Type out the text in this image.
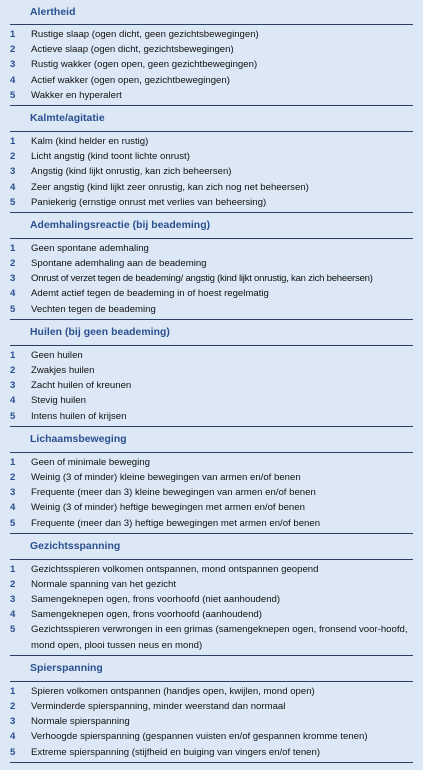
Alertheid
1	Rustige slaap (ogen dicht, geen gezichtsbewegingen)
2	Actieve slaap (ogen dicht, gezichtsbewegingen)
3	Rustig wakker (ogen open, geen gezichtbewegingen)
4	Actief wakker (ogen open, gezichtbewegingen)
5	Wakker en hyperalert
Kalmte/agitatie
1	Kalm (kind helder en rustig)
2	Licht angstig (kind toont lichte onrust)
3	Angstig (kind lijkt onrustig, kan zich beheersen)
4	Zeer angstig (kind lijkt zeer onrustig, kan zich nog net beheersen)
5	Paniekerig (ernstige onrust met verlies van beheersing)
Ademhalingsreactie (bij beademing)
1	Geen spontane ademhaling
2	Spontane ademhaling aan de beademing
3	Onrust of verzet tegen de beademing/ angstig (kind lijkt onrustig, kan zich beheersen)
4	Ademt actief tegen de beademing in of hoest regelmatig
5	Vechten tegen de beademing
Huilen (bij geen beademing)
1	Geen huilen
2	Zwakjes huilen
3	Zacht huilen of kreunen
4	Stevig huilen
5	Intens huilen of krijsen
Lichaamsbeweging
1	Geen of minimale beweging
2	Weinig (3 of minder) kleine bewegingen van armen en/of benen
3	Frequente (meer dan 3) kleine bewegingen van armen en/of benen
4	Weinig (3 of minder) heftige bewegingen met armen en/of benen
5	Frequente (meer dan 3) heftige bewegingen met armen en/of benen
Gezichtsspanning
1	Gezichtsspieren volkomen ontspannen, mond ontspannen geopend
2	Normale spanning van het gezicht
3	Samengeknepen ogen, frons voorhoofd (niet aanhoudend)
4	Samengeknepen ogen, frons voorhoofd (aanhoudend)
5	Gezichtsspieren verwrongen in een grimas (samengeknepen ogen, fronsend voor-hoofd, mond open, plooi tussen neus en mond)
Spierspanning
1	Spieren volkomen ontspannen (handjes open, kwijlen, mond open)
2	Verminderde spierspanning, minder weerstand dan normaal
3	Normale spierspanning
4	Verhoogde spierspanning (gespannen vuisten en/of gespannen kromme tenen)
5	Extreme spierspanning (stijfheid en buiging van vingers en/of tenen)
